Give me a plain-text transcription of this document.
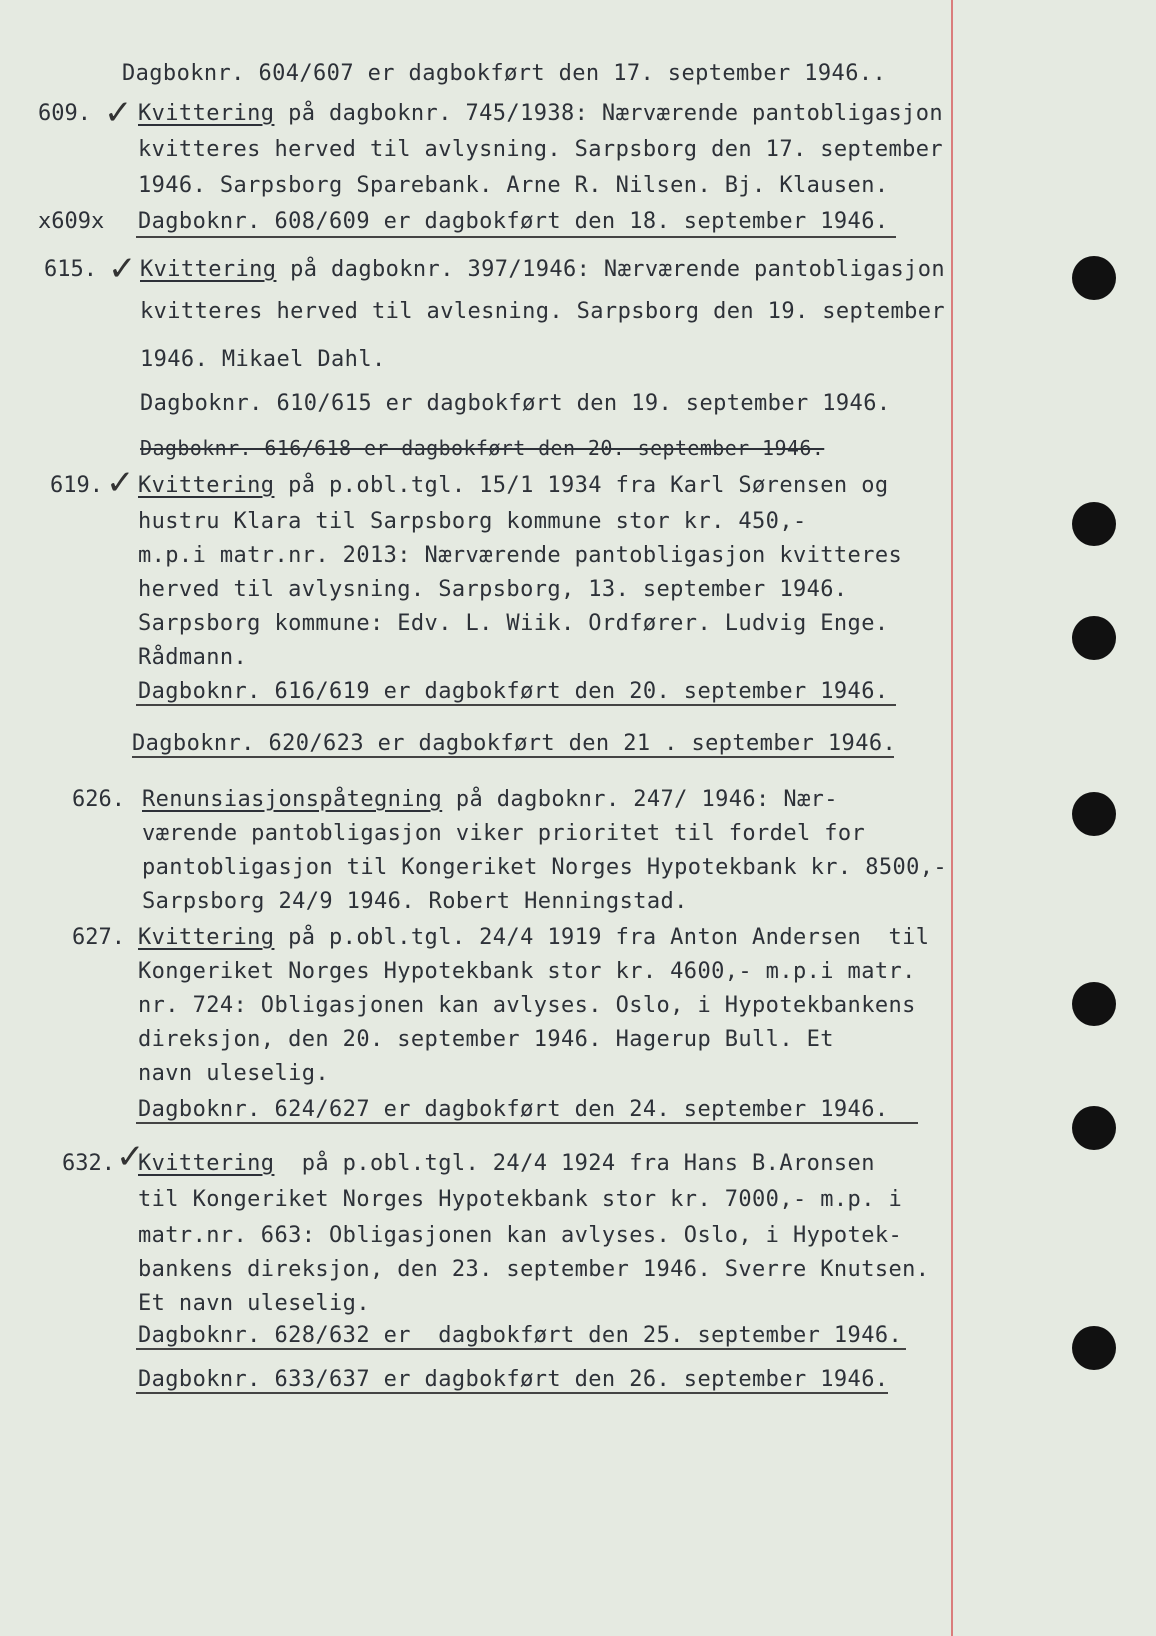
Dagboknr. 604/607 er dagbokført den 17. september 1946..
609. ✓ Kvittering på dagboknr. 745/1938: Nærværende pantobligasjon
kvitteres herved til avlysning. Sarpsborg den 17. september
1946. Sarpsborg Sparebank. Arne R. Nilsen. Bj. Klausen.
x609x Dagboknr. 608/609 er dagbokført den 18. september 1946.
615. ✓ Kvittering på dagboknr. 397/1946: Nærværende pantobligasjon
kvitteres herved til avlesning. Sarpsborg den 19. september
1946. Mikael Dahl.
Dagboknr. 610/615 er dagbokført den 19. september 1946.
Dagboknr. 616/618 er dagbokført den 20. september 1946.
619. ✓ Kvittering på p.obl.tgl. 15/1 1934 fra Karl Sørensen og
hustru Klara til Sarpsborg kommune stor kr. 450,-
m.p.i matr.nr. 2013: Nærværende pantobligasjon kvitteres
herved til avlysning. Sarpsborg, 13. september 1946.
Sarpsborg kommune: Edv. L. Wiik. Ordfører. Ludvig Enge.
Rådmann.
Dagboknr. 616/619 er dagbokført den 20. september 1946.
Dagboknr. 620/623 er dagbokført den 21 . september 1946.
626. Renunsiasjonspåtegning på dagboknr. 247/ 1946: Nær-
værende pantobligasjon viker prioritet til fordel for
pantobligasjon til Kongeriket Norges Hypotekbank kr. 8500,-
Sarpsborg 24/9 1946. Robert Henningstad.
627. Kvittering på p.obl.tgl. 24/4 1919 fra Anton Andersen  til
Kongeriket Norges Hypotekbank stor kr. 4600,- m.p.i matr.
nr. 724: Obligasjonen kan avlyses. Oslo, i Hypotekbankens
direksjon, den 20. september 1946. Hagerup Bull. Et
navn uleselig.
Dagboknr. 624/627 er dagbokført den 24. september 1946.
632. ✓
Kvittering  på p.obl.tgl. 24/4 1924 fra Hans B.Aronsen
til Kongeriket Norges Hypotekbank stor kr. 7000,- m.p. i
matr.nr. 663: Obligasjonen kan avlyses. Oslo, i Hypotek-
bankens direksjon, den 23. september 1946. Sverre Knutsen.
Et navn uleselig.
Dagboknr. 628/632 er  dagbokført den 25. september 1946.
Dagboknr. 633/637 er dagbokført den 26. september 1946.
